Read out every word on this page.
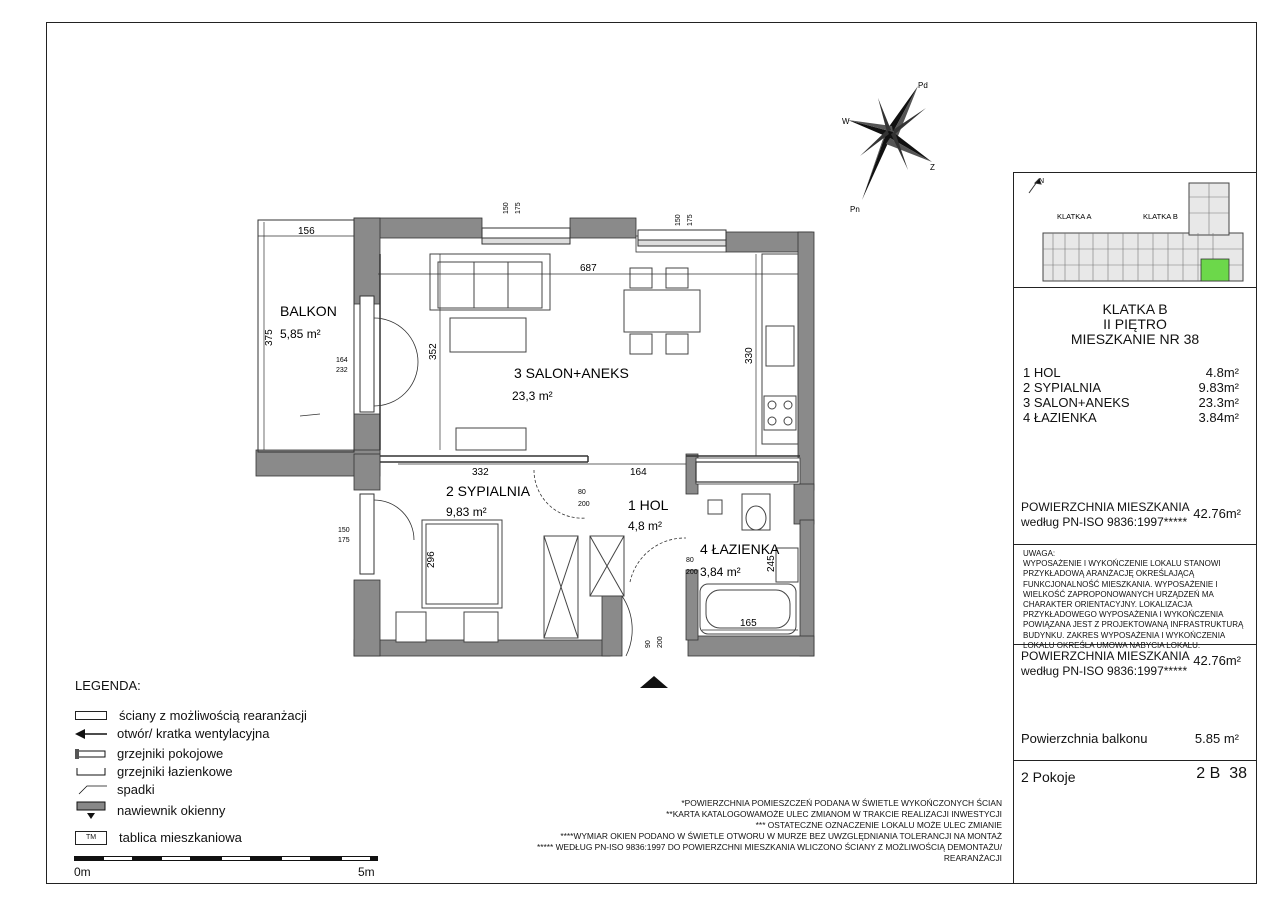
Pd
W
Z
Pn
N
KLATKA A	KLATKA B
KLATKA B
II PIĘTRO
MIESZKANIE NR 38
1 HOL	4.8m²
2 SYPIALNIA	9.83m²
3 SALON+ANEKS	23.3m²
4 ŁAZIENKA	3.84m²
POWIERZCHNIA MIESZKANIA
według PN-ISO 9836:1997*****
42.76m²
UWAGA:
WYPOSAŻENIE I WYKOŃCZENIE LOKALU STANOWI PRZYKŁADOWĄ ARANŻACJĘ OKREŚLAJĄCĄ FUNKCJONALNOŚĆ MIESZKANIA. WYPOSAŻENIE I WIELKOŚĆ ZAPROPONOWANYCH URZĄDZEŃ MA CHARAKTER ORIENTACYJNY. LOKALIZACJA PRZYKŁADOWEGO WYPOSAŻENIA I WYKOŃCZENIA POWIĄZANA JEST Z PROJEKTOWANĄ INFRASTRUKTURĄ BUDYNKU. ZAKRES WYPOSAŻENIA I WYKOŃCZENIA LOKALU OKREŚLA UMOWA NABYCIA LOKALU.
POWIERZCHNIA MIESZKANIA
według PN-ISO 9836:1997*****
42.76m²
Powierzchnia balkonu	5.85 m²
2 Pokoje	2 B  38
156
375
687
352	330
332	164
296	245
165
164
232
150
175
150 175
150 175
80
200
80
200
90 200
BALKON
3 SALON+ANEKS
2 SYPIALNIA
1 HOL
4 ŁAZIENKA
5,85 m²
23,3 m²
9,83 m²
4,8 m²
3,84 m²
LEGENDA:
ściany z możliwością rearanżacji
otwór/ kratka wentylacyjna
grzejniki pokojowe
grzejniki łazienkowe
spadki
nawiewnik okienny
TM	tablica mieszkaniowa
0m	5m
*POWIERZCHNIA POMIESZCZEŃ PODANA W ŚWIETLE WYKOŃCZONYCH ŚCIAN
**KARTA KATALOGOWAMOŻE ULEC ZMIANOM W TRAKCIE REALIZACJI INWESTYCJI
*** OSTATECZNE OZNACZENIE LOKALU MOŻE ULEC ZMIANIE
****WYMIAR OKIEN PODANO W ŚWIETLE OTWORU W MURZE BEZ UWZGLĘDNIANIA TOLERANCJI NA MONTAŻ
***** WEDŁUG PN-ISO 9836:1997 DO POWIERZCHNI MIESZKANIA WLICZONO ŚCIANY Z MOŻLIWOŚCIĄ DEMONTAŻU/
REARANŻACJI
